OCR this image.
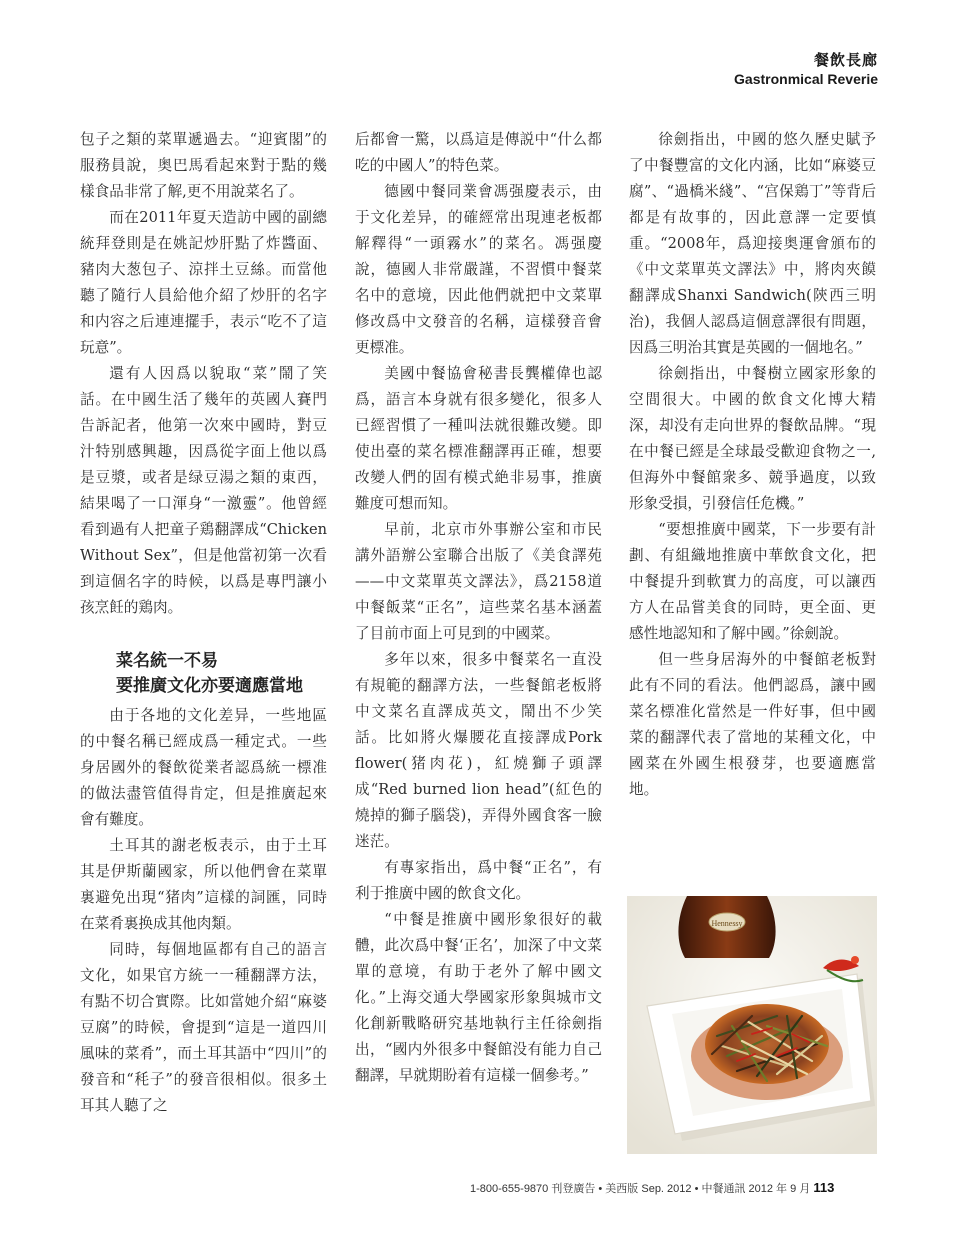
餐飲長廊
Gastronmical Reverie

包子之類的菜單遞過去。“迎賓閣”的服務員說，奥巴馬看起來對于點的幾樣食品非常了解,更不用說菜名了。

而在2011年夏天造訪中國的副總統拜登則是在姚記炒肝點了炸醬面、豬肉大葱包子、涼拌土豆絲。而當他聽了隨行人員給他介紹了炒肝的名字和内容之后連連擺手，表示“吃不了這玩意”。

還有人因爲以貌取“菜”鬧了笑話。在中國生活了幾年的英國人賽門告訴記者，他第一次來中國時，對豆汁特别感興趣，因爲從字面上他以爲是豆漿，或者是绿豆湯之類的東西，結果喝了一口渾身“一激靈”。他曾經看到過有人把童子鶏翻譯成“Chicken Without Sex”，但是他當初第一次看到這個名字的時候，以爲是專門讓小孩烹飪的鶏肉。

菜名統一不易
要推廣文化亦要適應當地

由于各地的文化差异，一些地區的中餐名稱已經成爲一種定式。一些身居國外的餐飲從業者認爲統一標准的做法盡管值得肯定，但是推廣起來會有難度。

土耳其的謝老板表示，由于土耳其是伊斯蘭國家，所以他們會在菜單裏避免出現“猪肉”這樣的詞匯，同時在菜肴裏换成其他肉類。

同時，每個地區都有自己的語言文化，如果官方統一一種翻譯方法，有點不切合實際。比如當她介紹“麻婆豆腐”的時候，會提到“這是一道四川風味的菜肴”，而土耳其語中“四川”的發音和“秏子”的發音很相似。很多土耳其人聽了之

后都會一驚，以爲這是傳説中“什么都吃的中國人”的特色菜。

德國中餐同業會馮强慶表示，由于文化差异，的確經常出現連老板都解釋得“一頭霧水”的菜名。馮强慶說，德國人非常嚴謹，不習慣中餐菜名中的意境，因此他們就把中文菜單修改爲中文發音的名稱，這樣發音會更標准。

美國中餐協會秘書長龔權偉也認爲，語言本身就有很多變化，很多人已經習慣了一種叫法就很難改變。即使出臺的菜名標准翻譯再正確，想要改變人們的固有模式絶非易事，推廣難度可想而知。

早前，北京市外事辦公室和市民講外語辦公室聯合出版了《美食譯苑——中文菜單英文譯法》，爲2158道中餐飯菜“正名”，這些菜名基本涵蓋了目前市面上可見到的中國菜。

多年以來，很多中餐菜名一直没有規範的翻譯方法，一些餐館老板將中文菜名直譯成英文，鬧出不少笑話。比如將火爆腰花直接譯成Pork flower(猪肉花)，紅燒獅子頭譯成“Red burned lion head”(紅色的燒掉的獅子腦袋)，弄得外國食客一臉迷茫。

有專家指出，爲中餐“正名”，有利于推廣中國的飲食文化。

“中餐是推廣中國形象很好的載體，此次爲中餐‘正名’，加深了中文菜單的意境，有助于老外了解中國文化。”上海交通大學國家形象與城市文化創新戰略研究基地執行主任徐劍指出，“國内外很多中餐館没有能力自己翻譯，早就期盼着有這樣一個參考。”

徐劍指出，中國的悠久歷史賦予了中餐豐富的文化内涵，比如“麻婆豆腐”、“過橋米綫”、“宫保鶏丁”等背后都是有故事的，因此意譯一定要慎重。“2008年，爲迎接奥運會頒布的《中文菜單英文譯法》中，將肉夾饃翻譯成Shanxi Sandwich(陝西三明治)，我個人認爲這個意譯很有問題，因爲三明治其實是英國的一個地名。”

徐劍指出，中餐樹立國家形象的空間很大。中國的飲食文化博大精深，却没有走向世界的餐飲品牌。“現在中餐已經是全球最受歡迎食物之一,但海外中餐館衆多、競爭過度，以致形象受損，引發信任危機。”

“要想推廣中國菜，下一步要有計劃、有組織地推廣中華飲食文化，把中餐提升到軟實力的高度，可以讓西方人在品嘗美食的同時，更全面、更感性地認知和了解中國。”徐劍說。

但一些身居海外的中餐館老板對此有不同的看法。他們認爲，讓中國菜名標准化當然是一件好事，但中國菜的翻譯代表了當地的某種文化，中國菜在外國生根發芽，也要適應當地。

Hennessy
1-800-655-9870 刊登廣告 • 美西版 Sep. 2012 • 中餐通訊 2012 年 9 月 113
